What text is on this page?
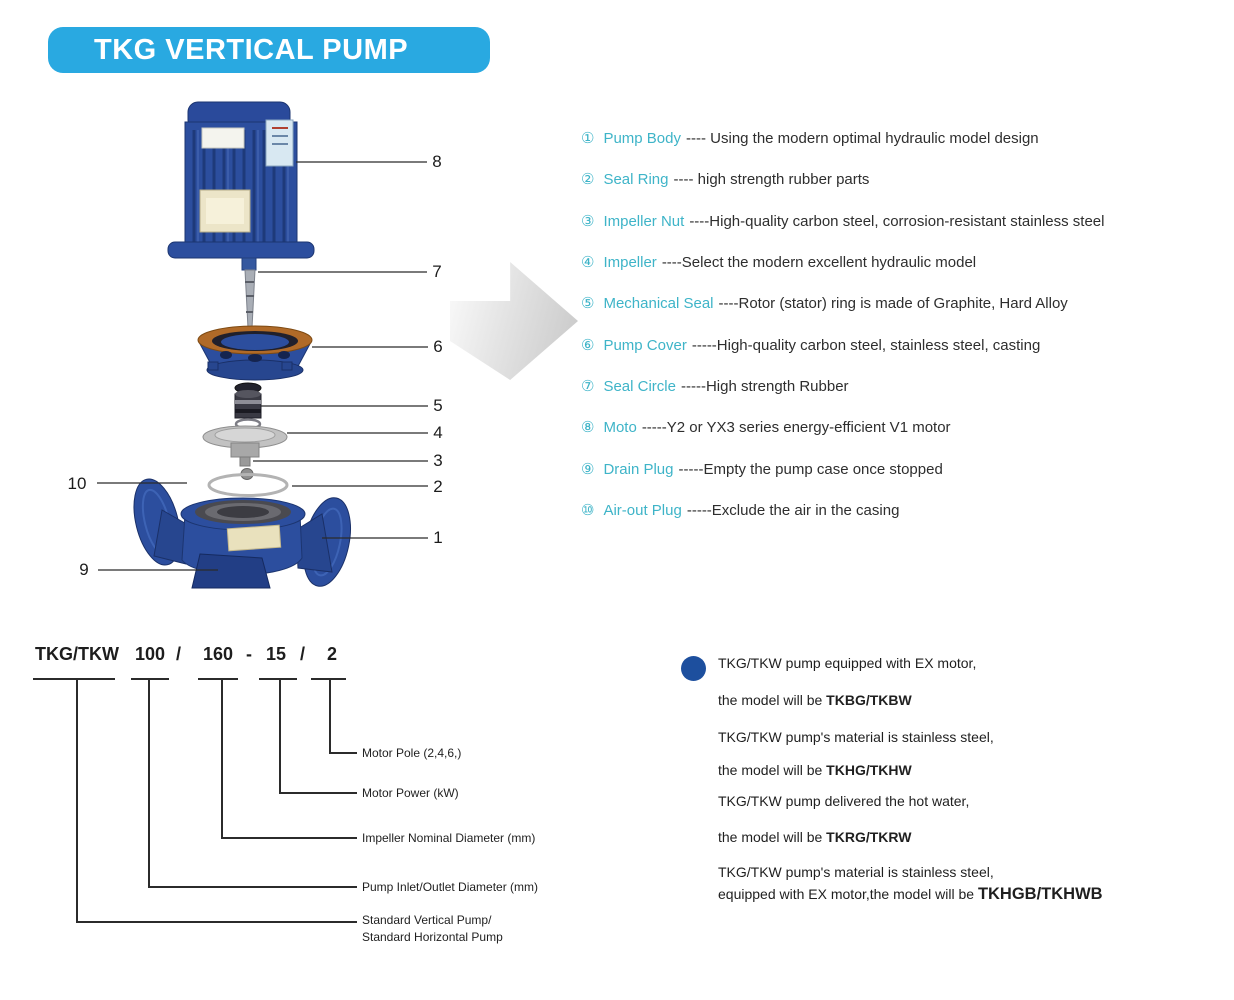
TKG VERTICAL PUMP
8
7
6
5
4
3
2
1
10
9
① Pump Body ---- Using the modern optimal hydraulic model design
② Seal Ring ---- high strength rubber parts
③ Impeller Nut ----High-quality carbon steel, corrosion-resistant stainless steel
④ Impeller ----Select the modern excellent hydraulic model
⑤ Mechanical Seal ----Rotor (stator) ring is made of Graphite, Hard Alloy
⑥ Pump Cover -----High-quality carbon steel, stainless steel, casting
⑦ Seal Circle -----High strength Rubber
⑧ Moto -----Y2 or YX3 series energy-efficient V1 motor
⑨ Drain Plug -----Empty the pump case once stopped
⑩ Air-out Plug -----Exclude the air in the casing
TKG/TKW 100 / 160 - 15 / 2
Motor Pole (2,4,6,)
Motor Power (kW)
Impeller Nominal Diameter (mm)
Pump Inlet/Outlet Diameter (mm)
Standard Vertical Pump/
Standard Horizontal Pump
TKG/TKW pump equipped with EX motor,
the model will be TKBG/TKBW
TKG/TKW pump's material is stainless steel,
the model will be TKHG/TKHW
TKG/TKW pump delivered the hot water,
the model will be TKRG/TKRW
TKG/TKW pump's material is stainless steel,
equipped with EX motor,the model will be TKHGB/TKHWB
